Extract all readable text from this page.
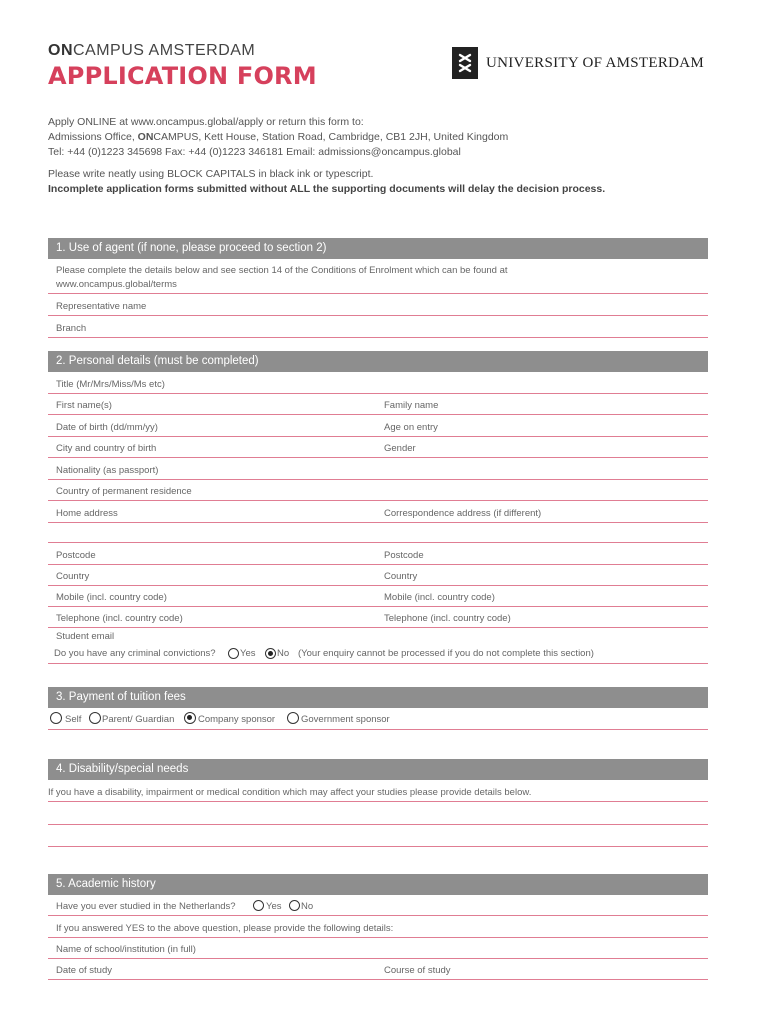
ONCAMPUS AMSTERDAM
APPLICATION FORM	UNIVERSITY OF AMSTERDAM
Apply ONLINE at www.oncampus.global/apply or return this form to:
Admissions Office, ONCAMPUS, Kett House, Station Road, Cambridge, CB1 2JH, United Kingdom
Tel: +44 (0)1223 345698 Fax: +44 (0)1223 346181 Email: admissions@oncampus.global
Please write neatly using BLOCK CAPITALS in black ink or typescript.
Incomplete application forms submitted without ALL the supporting documents will delay the decision process.
1. Use of agent (if none, please proceed to section 2)
Please complete the details below and see section 14 of the Conditions of Enrolment which can be found at
www.oncampus.global/terms
Representative name
Branch
2. Personal details (must be completed)
Title (Mr/Mrs/Miss/Ms etc)
First name(s)	Family name
Date of birth (dd/mm/yy)	Age on entry
City and country of birth	Gender
Nationality (as passport)
Country of permanent residence
Home address	Correspondence address (if different)
Postcode	Postcode
Country	Country
Mobile (incl. country code)	Mobile (incl. country code)
Telephone (incl. country code)	Telephone (incl. country code)
Student email
Do you have any criminal convictions?	Yes No (Your enquiry cannot be processed if you do not complete this section)
3. Payment of tuition fees
Self Parent/ Guardian Company sponsor	Government sponsor
4. Disability/special needs
If you have a disability, impairment or medical condition which may affect your studies please provide details below.
5. Academic history
Have you ever studied in the Netherlands?	Yes No
If you answered YES to the above question, please provide the following details:
Name of school/institution (in full)
Date of study	Course of study
